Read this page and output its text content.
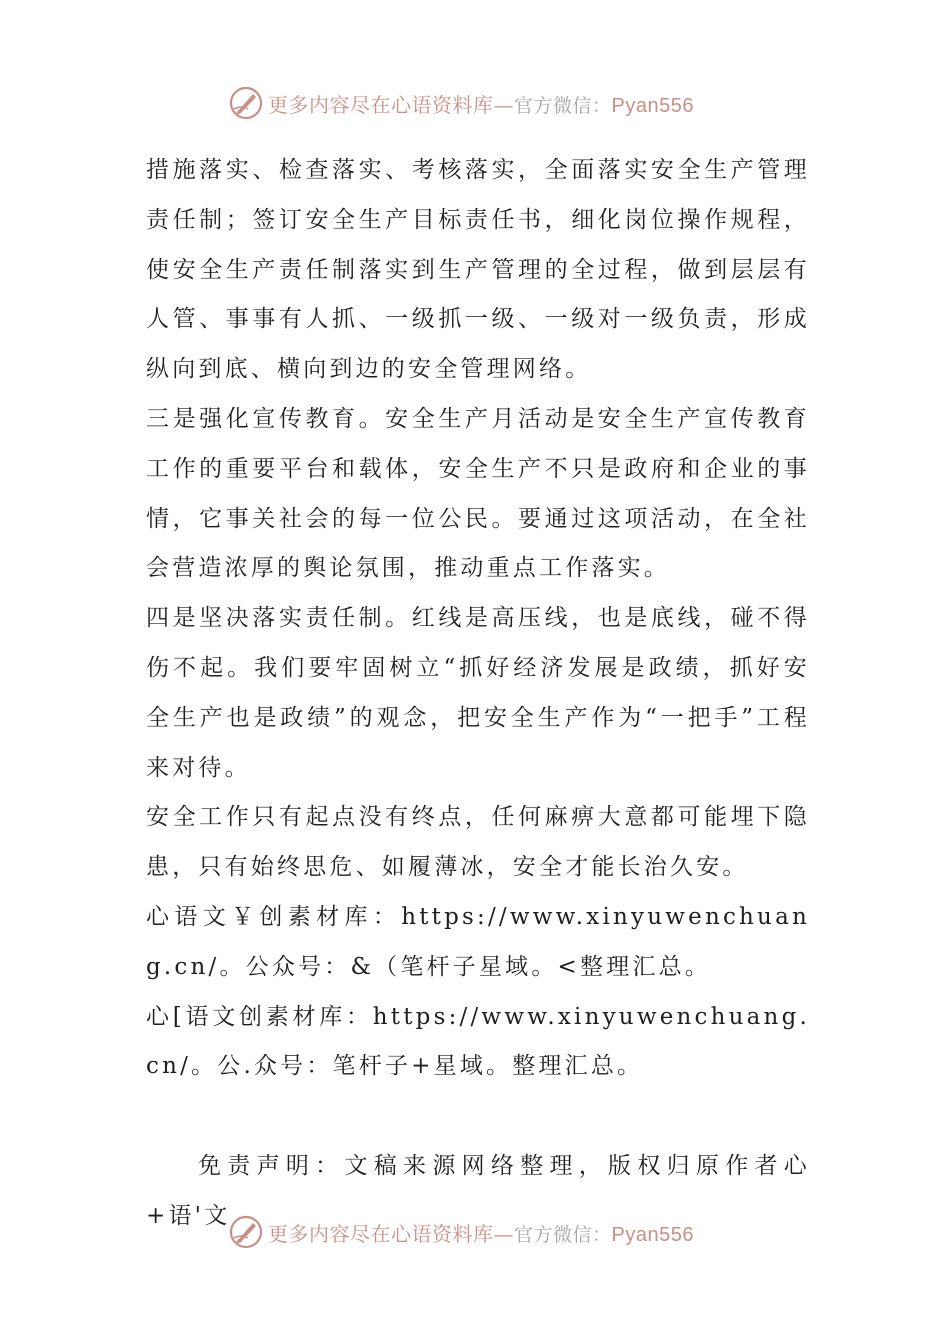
更多内容尽在心语资料库—官方微信：Pyan556

措施落实、检查落实、考核落实，全面落实安全生产管理责任制；签订安全生产目标责任书，细化岗位操作规程，使安全生产责任制落实到生产管理的全过程，做到层层有人管、事事有人抓、一级抓一级、一级对一级负责，形成纵向到底、横向到边的安全管理网络。

三是强化宣传教育。安全生产月活动是安全生产宣传教育工作的重要平台和载体，安全生产不只是政府和企业的事情，它事关社会的每一位公民。要通过这项活动，在全社会营造浓厚的舆论氛围，推动重点工作落实。

四是坚决落实责任制。红线是高压线，也是底线，碰不得伤不起。我们要牢固树立“抓好经济发展是政绩，抓好安全生产也是政绩”的观念，把安全生产作为“一把手”工程来对待。

安全工作只有起点没有终点，任何麻痹大意都可能埋下隐患，只有始终思危、如履薄冰，安全才能长治久安。

心语文￥创素材库：https://www.xinyuwenchuang.cn/。公众号：&（笔杆子星域。<整理汇总。

心[语文创素材库：https://www.xinyuwenchuang.cn/。公.众号：笔杆子+星域。整理汇总。

免责声明：文稿来源网络整理，版权归原作者心+语'文

更多内容尽在心语资料库—官方微信：Pyan556
